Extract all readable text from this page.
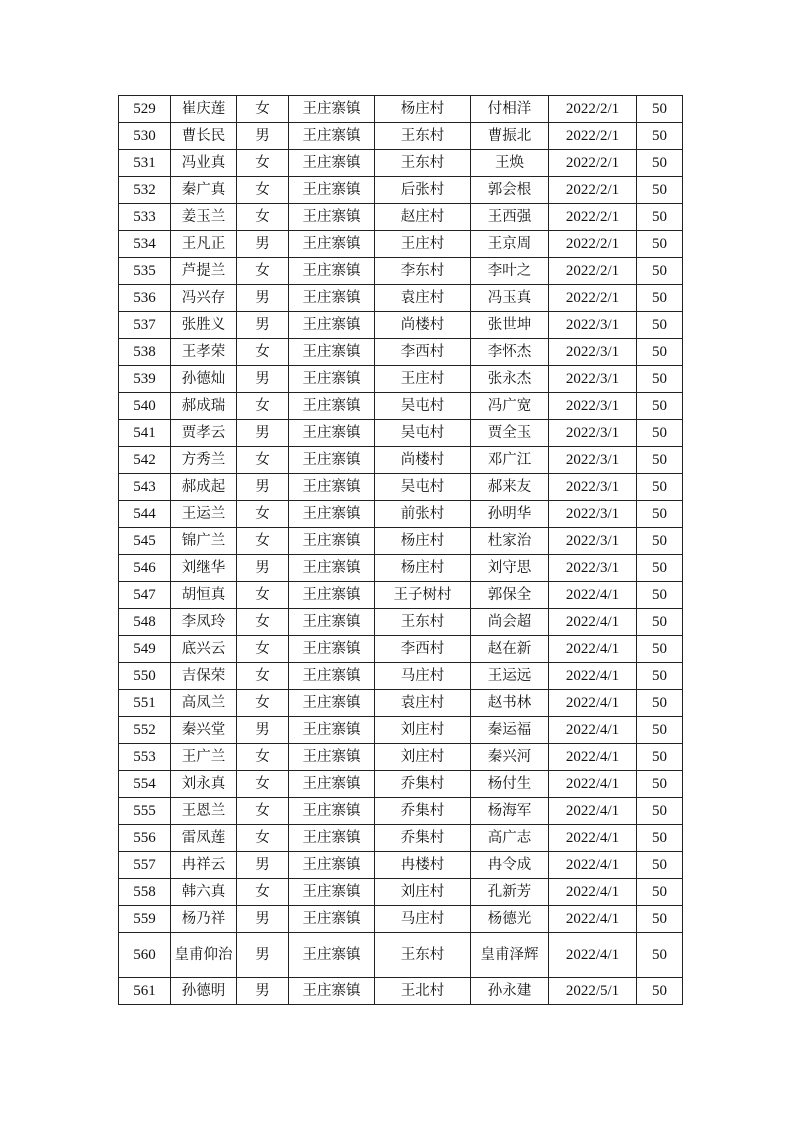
529	崔庆莲	女	王庄寨镇	杨庄村	付相洋	2022/2/1	50
530	曹长民	男	王庄寨镇	王东村	曹振北	2022/2/1	50
531	冯业真	女	王庄寨镇	王东村	王焕	2022/2/1	50
532	秦广真	女	王庄寨镇	后张村	郭会根	2022/2/1	50
533	姜玉兰	女	王庄寨镇	赵庄村	王西强	2022/2/1	50
534	王凡正	男	王庄寨镇	王庄村	王京周	2022/2/1	50
535	芦提兰	女	王庄寨镇	李东村	李叶之	2022/2/1	50
536	冯兴存	男	王庄寨镇	袁庄村	冯玉真	2022/2/1	50
537	张胜义	男	王庄寨镇	尚楼村	张世坤	2022/3/1	50
538	王孝荣	女	王庄寨镇	李西村	李怀杰	2022/3/1	50
539	孙德灿	男	王庄寨镇	王庄村	张永杰	2022/3/1	50
540	郝成瑞	女	王庄寨镇	吴屯村	冯广宽	2022/3/1	50
541	贾孝云	男	王庄寨镇	吴屯村	贾全玉	2022/3/1	50
542	方秀兰	女	王庄寨镇	尚楼村	邓广江	2022/3/1	50
543	郝成起	男	王庄寨镇	吴屯村	郝来友	2022/3/1	50
544	王运兰	女	王庄寨镇	前张村	孙明华	2022/3/1	50
545	锦广兰	女	王庄寨镇	杨庄村	杜家治	2022/3/1	50
546	刘继华	男	王庄寨镇	杨庄村	刘守思	2022/3/1	50
547	胡恒真	女	王庄寨镇	王子树村	郭保全	2022/4/1	50
548	李凤玲	女	王庄寨镇	王东村	尚会超	2022/4/1	50
549	底兴云	女	王庄寨镇	李西村	赵在新	2022/4/1	50
550	吉保荣	女	王庄寨镇	马庄村	王运远	2022/4/1	50
551	高凤兰	女	王庄寨镇	袁庄村	赵书林	2022/4/1	50
552	秦兴堂	男	王庄寨镇	刘庄村	秦运福	2022/4/1	50
553	王广兰	女	王庄寨镇	刘庄村	秦兴河	2022/4/1	50
554	刘永真	女	王庄寨镇	乔集村	杨付生	2022/4/1	50
555	王恩兰	女	王庄寨镇	乔集村	杨海军	2022/4/1	50
556	雷凤莲	女	王庄寨镇	乔集村	高广志	2022/4/1	50
557	冉祥云	男	王庄寨镇	冉楼村	冉令成	2022/4/1	50
558	韩六真	女	王庄寨镇	刘庄村	孔新芳	2022/4/1	50
559	杨乃祥	男	王庄寨镇	马庄村	杨德光	2022/4/1	50
560	皇甫仰治	男	王庄寨镇	王东村	皇甫泽辉	2022/4/1	50
561	孙德明	男	王庄寨镇	王北村	孙永建	2022/5/1	50
